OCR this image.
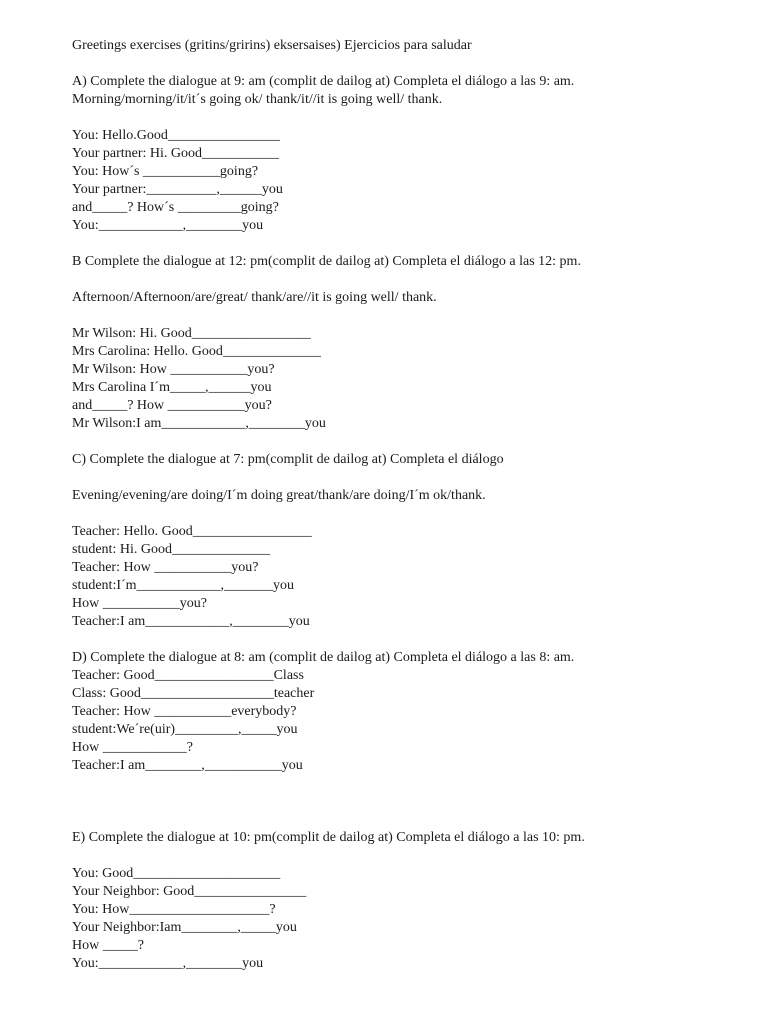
Greetings exercises (gritins/gririns) eksersaises) Ejercicios para saludar
A) Complete the dialogue at 9: am (complit de dailog at) Completa el diálogo a las 9: am.
Morning/morning/it/it´s going ok/ thank/it//it is going well/ thank.
You: Hello.Good________________
Your partner: Hi. Good___________
You: How´s ___________going?
Your partner:__________,______you
and_____? How´s _________going?
You:____________,________you
B Complete the dialogue at 12: pm(complit de dailog at) Completa el diálogo a las 12: pm.
Afternoon/Afternoon/are/great/ thank/are//it is going well/ thank.
Mr Wilson: Hi. Good_________________
Mrs Carolina: Hello. Good______________
Mr Wilson: How ___________you?
Mrs Carolina I´m_____,______you
and_____? How ___________you?
Mr Wilson:I am____________,________you
C) Complete the dialogue at 7: pm(complit de dailog at) Completa el diálogo
Evening/evening/are doing/I´m doing great/thank/are doing/I´m ok/thank.
Teacher: Hello. Good_________________
student: Hi. Good______________
Teacher: How ___________you?
student:I´m____________,_______you
How ___________you?
Teacher:I am____________,________you
D) Complete the dialogue at 8: am (complit de dailog at) Completa el diálogo a las 8: am.
Teacher: Good_________________Class
Class: Good___________________teacher
Teacher: How ___________everybody?
student:We´re(uir)_________,_____you
How ____________?
Teacher:I am________,___________you
E) Complete the dialogue at 10: pm(complit de dailog at) Completa el diálogo a las 10: pm.
You: Good_____________________
Your Neighbor: Good________________
You: How____________________?
Your Neighbor:Iam________,_____you
How _____?
You:____________,________you
